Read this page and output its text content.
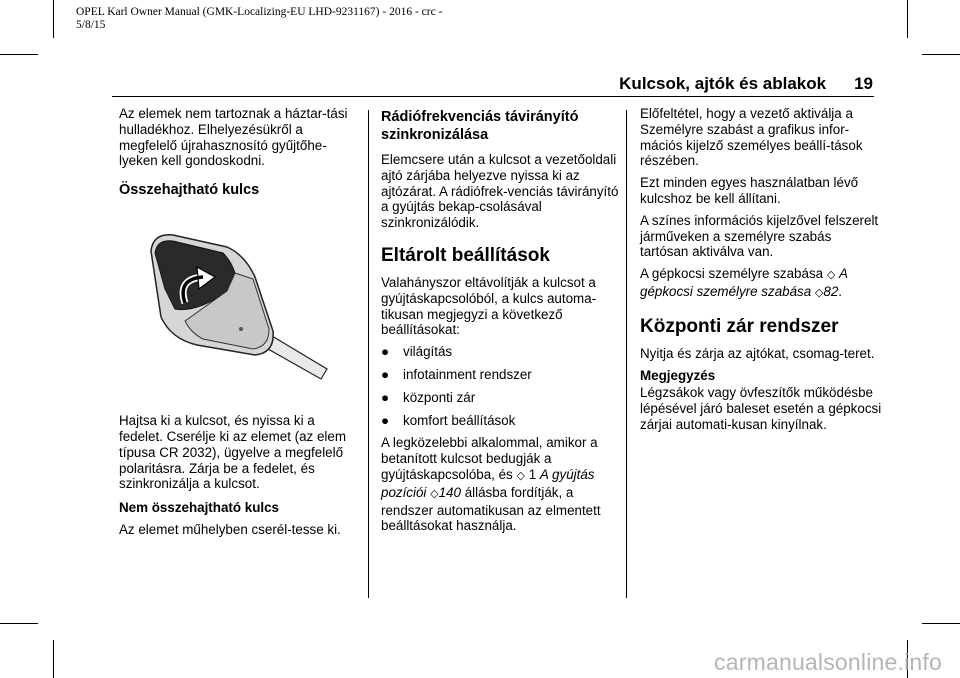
OPEL Karl Owner Manual (GMK-Localizing-EU LHD-9231167) - 2016 - crc -
5/8/15
Kulcsok, ajtók és ablakok 19

Az elemek nem tartoznak a háztar-tási hulladékhoz. Elhelyezésükről a megfelelő újrahasznosító gyűjtőhe-lyeken kell gondoskodni.

Összehajtható kulcs

Hajtsa ki a kulcsot, és nyissa ki a fedelet. Cserélje ki az elemet (az elem típusa CR 2032), ügyelve a megfelelő polaritásra. Zárja be a fedelet, és szinkronizálja a kulcsot.

Nem összehajtható kulcs

Az elemet műhelyben cserél-tesse ki.

Rádiófrekvenciás távirányító szinkronizálása

Elemcsere után a kulcsot a vezetőoldali ajtó zárjába helyezve nyissa ki az ajtózárat. A rádiófrek-venciás távirányító a gyújtás bekap-csolásával szinkronizálódik.

Eltárolt beállítások

Valahányszor eltávolítják a kulcsot a gyújtáskapcsolóból, a kulcs automa-tikusan megjegyzi a következő beállításokat:

●	világítás
●	infotainment rendszer
●	központi zár
●	komfort beállítások

A legközelebbi alkalommal, amikor a betanított kulcsot bedugják a gyújtáskapcsolóba, és ◇ 1 A gyújtás pozíciói ◇140 állásba fordítják, a rendszer automatikusan az elmentett beálltásokat használja.

Előfeltétel, hogy a vezető aktiválja a Személyre szabást a grafikus infor-mációs kijelző személyes beállí-tások részében.

Ezt minden egyes használatban lévő kulcshoz be kell állítani.

A színes információs kijelzővel felszerelt járműveken a személyre szabás tartósan aktiválva van.

A gépkocsi személyre szabása ◇ A gépkocsi személyre szabása ◇82.

Központi zár rendszer

Nyitja és zárja az ajtókat, csomag-teret.

Megjegyzés

Légzsákok vagy övfeszítők működésbe lépésével járó baleset esetén a gépkocsi zárjai automati-kusan kinyílnak.

carmanualsonline.info
